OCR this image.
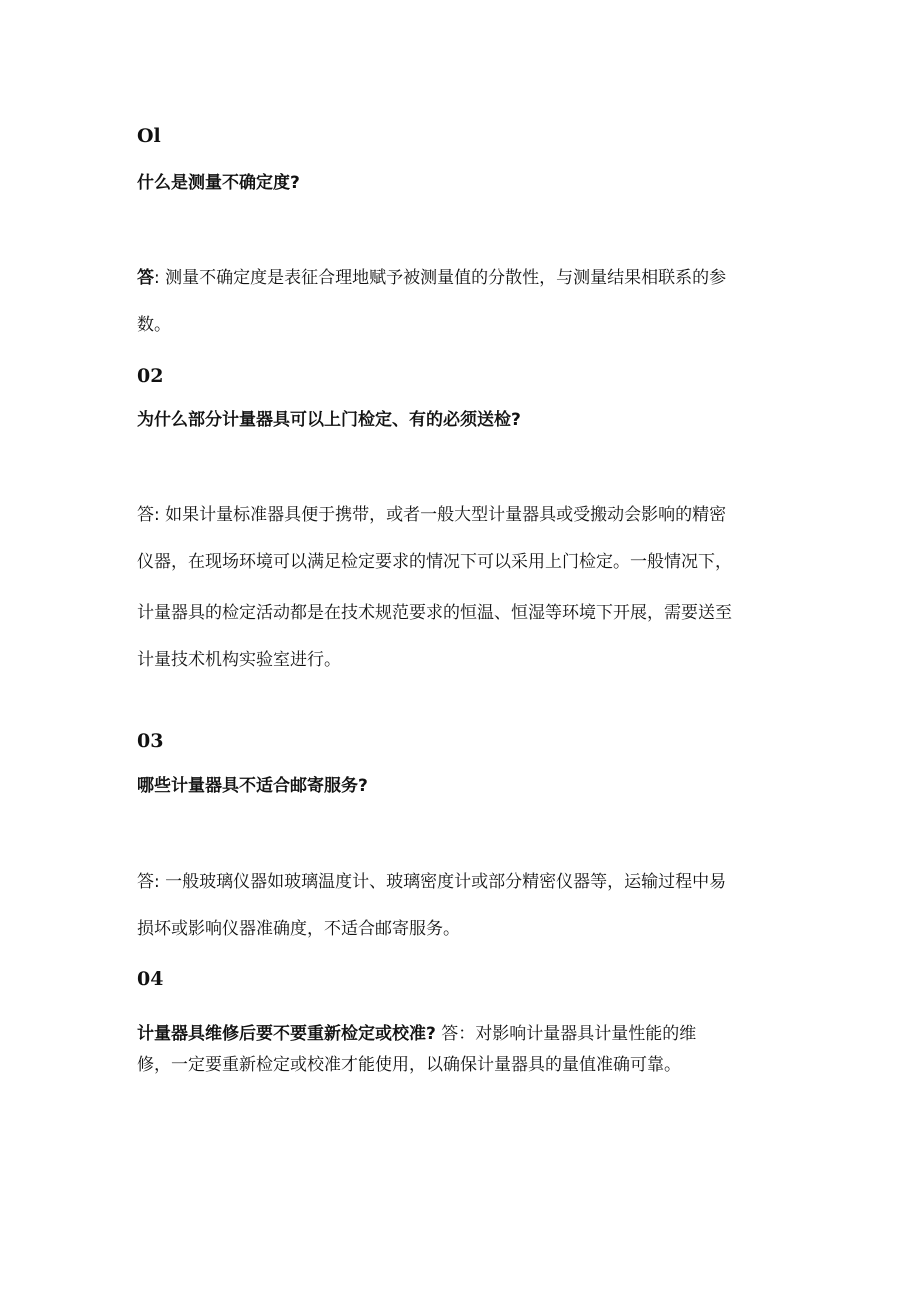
Ol

什么是测量不确定度?

答: 测量不确定度是表征合理地赋予被测量值的分散性，与测量结果相联系的参

数。

02

为什么部分计量器具可以上门检定、有的必须送检?

答: 如果计量标准器具便于携带，或者一般大型计量器具或受搬动会影响的精密

仪器，在现场环境可以满足检定要求的情况下可以采用上门检定。一般情况下，

计量器具的检定活动都是在技术规范要求的恒温、恒湿等环境下开展，需要送至

计量技术机构实验室进行。

03

哪些计量器具不适合邮寄服务?

答: 一般玻璃仪器如玻璃温度计、玻璃密度计或部分精密仪器等，运输过程中易

损坏或影响仪器准确度，不适合邮寄服务。

04

计量器具维修后要不要重新检定或校准? 答：对影响计量器具计量性能的维

修，一定要重新检定或校准才能使用，以确保计量器具的量值准确可靠。
